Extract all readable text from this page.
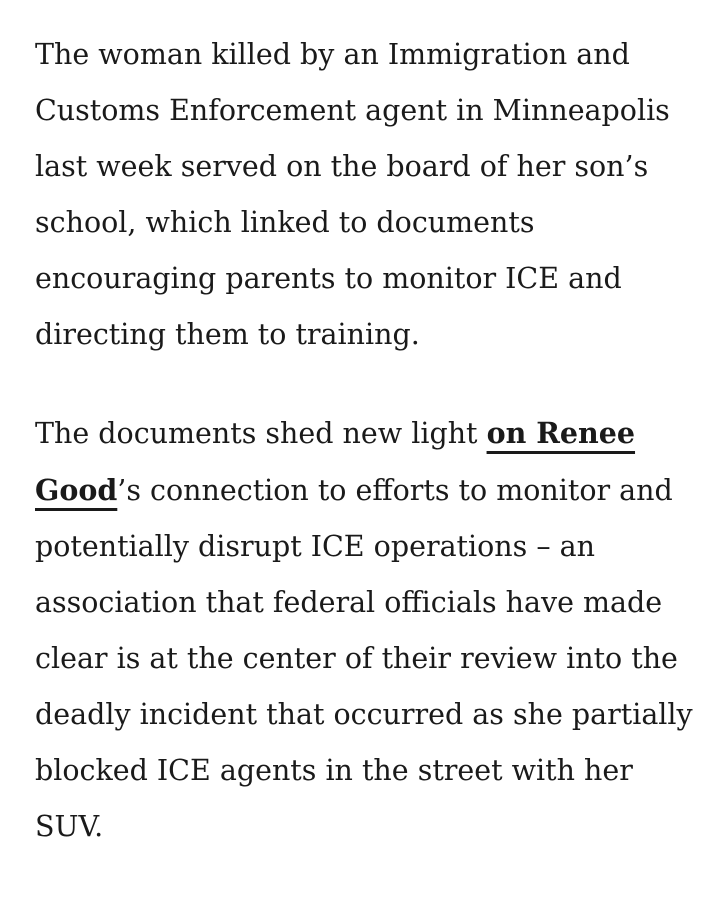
The woman killed by an Immigration and Customs Enforcement agent in Minneapolis last week served on the board of her son’s school, which linked to documents encouraging parents to monitor ICE and directing them to training.

The documents shed new light on Renee Good’s connection to efforts to monitor and potentially disrupt ICE operations – an association that federal officials have made clear is at the center of their review into the deadly incident that occurred as she partially blocked ICE agents in the street with her SUV.
